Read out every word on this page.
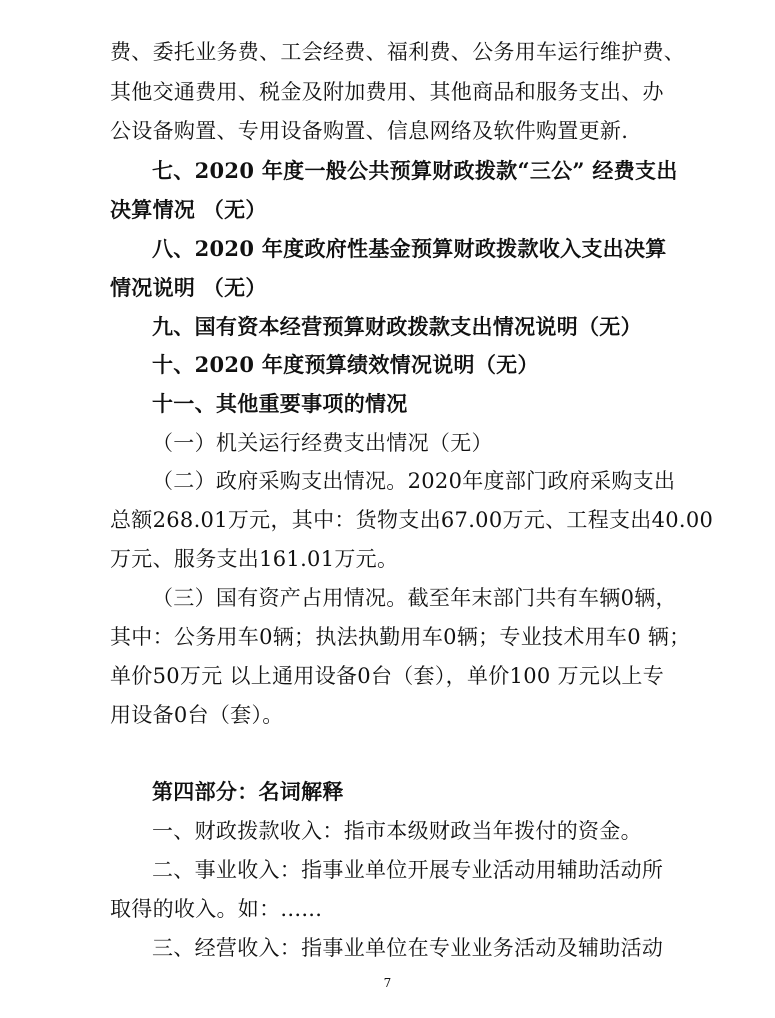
费、委托业务费、工会经费、福利费、公务用车运行维护费、
其他交通费用、税金及附加费用、其他商品和服务支出、办
公设备购置、专用设备购置、信息网络及软件购置更新.
七、2020 年度一般公共预算财政拨款“三公” 经费支出
决算情况 （无）
八、2020 年度政府性基金预算财政拨款收入支出决算
情况说明 （无）
九、国有资本经营预算财政拨款支出情况说明（无）
十、2020 年度预算绩效情况说明（无）
十一、其他重要事项的情况
（一）机关运行经费支出情况（无）
（二）政府采购支出情况。2020年度部门政府采购支出
总额268.01万元，其中：货物支出67.00万元、工程支出40.00
万元、服务支出161.01万元。
（三）国有资产占用情况。截至年末部门共有车辆0辆，
其中：公务用车0辆；执法执勤用车0辆；专业技术用车0 辆；
单价50万元 以上通用设备0台（套），单价100 万元以上专
用设备0台（套）。
第四部分：名词解释
一、财政拨款收入：指市本级财政当年拨付的资金。
二、事业收入：指事业单位开展专业活动用辅助活动所
取得的收入。如：......
三、经营收入：指事业单位在专业业务活动及辅助活动
7
